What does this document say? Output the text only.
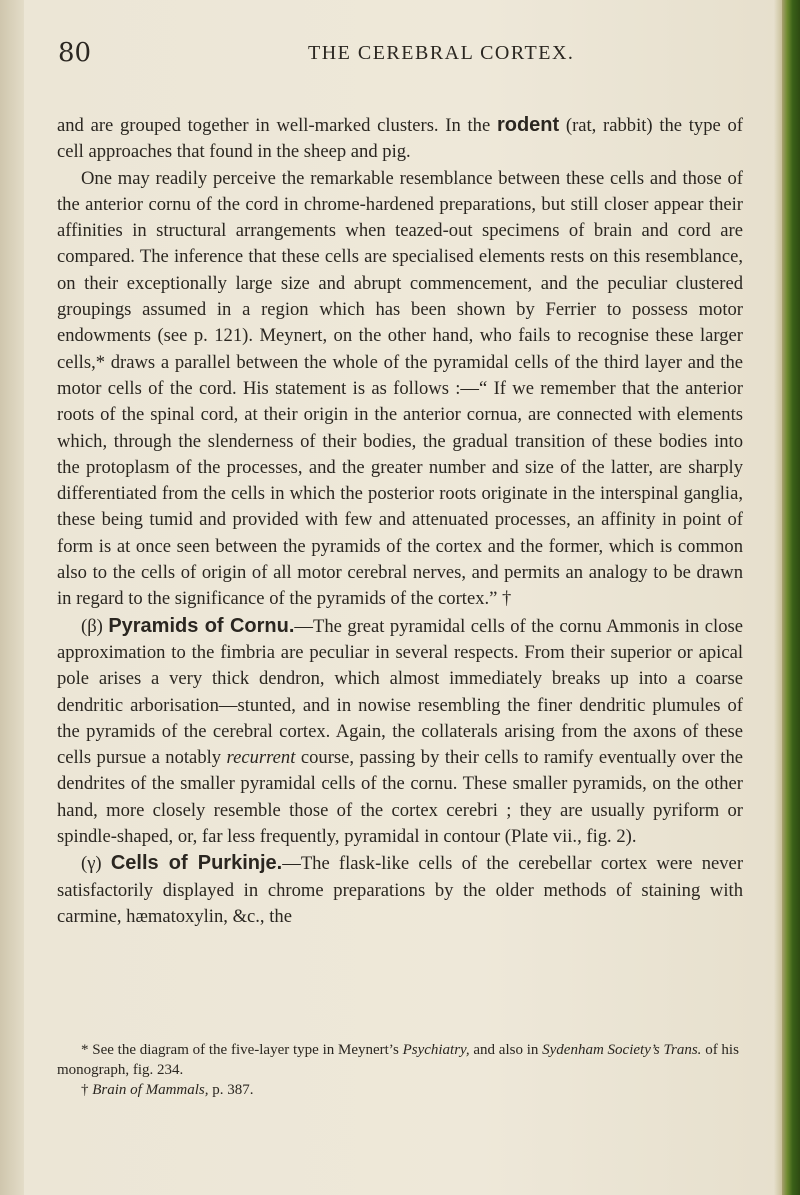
80	THE CEREBRAL CORTEX.

and are grouped together in well-marked clusters. In the rodent (rat, rabbit) the type of cell approaches that found in the sheep and pig.

One may readily perceive the remarkable resemblance between these cells and those of the anterior cornu of the cord in chrome-hardened preparations, but still closer appear their affinities in structural arrangements when teazed-out specimens of brain and cord are compared. The inference that these cells are specialised elements rests on this resemblance, on their exceptionally large size and abrupt commencement, and the peculiar clustered groupings assumed in a region which has been shown by Ferrier to possess motor endowments (see p. 121). Meynert, on the other hand, who fails to recognise these larger cells,* draws a parallel between the whole of the pyramidal cells of the third layer and the motor cells of the cord. His statement is as follows :—“ If we remember that the anterior roots of the spinal cord, at their origin in the anterior cornua, are connected with elements which, through the slenderness of their bodies, the gradual transition of these bodies into the protoplasm of the processes, and the greater number and size of the latter, are sharply differentiated from the cells in which the posterior roots originate in the interspinal ganglia, these being tumid and provided with few and attenuated processes, an affinity in point of form is at once seen between the pyramids of the cortex and the former, which is common also to the cells of origin of all motor cerebral nerves, and permits an analogy to be drawn in regard to the significance of the pyramids of the cortex.” †

(β) Pyramids of Cornu.—The great pyramidal cells of the cornu Ammonis in close approximation to the fimbria are peculiar in several respects. From their superior or apical pole arises a very thick dendron, which almost immediately breaks up into a coarse dendritic arborisation—stunted, and in nowise resembling the finer dendritic plumules of the pyramids of the cerebral cortex. Again, the collaterals arising from the axons of these cells pursue a notably recurrent course, passing by their cells to ramify eventually over the dendrites of the smaller pyramidal cells of the cornu. These smaller pyramids, on the other hand, more closely resemble those of the cortex cerebri ; they are usually pyriform or spindle-shaped, or, far less frequently, pyramidal in contour (Plate vii., fig. 2).

(γ) Cells of Purkinje.—The flask-like cells of the cerebellar cortex were never satisfactorily displayed in chrome preparations by the older methods of staining with carmine, hæmatoxylin, &c., the

* See the diagram of the five-layer type in Meynert’s Psychiatry, and also in Sydenham Society’s Trans. of his monograph, fig. 234.

† Brain of Mammals, p. 387.
